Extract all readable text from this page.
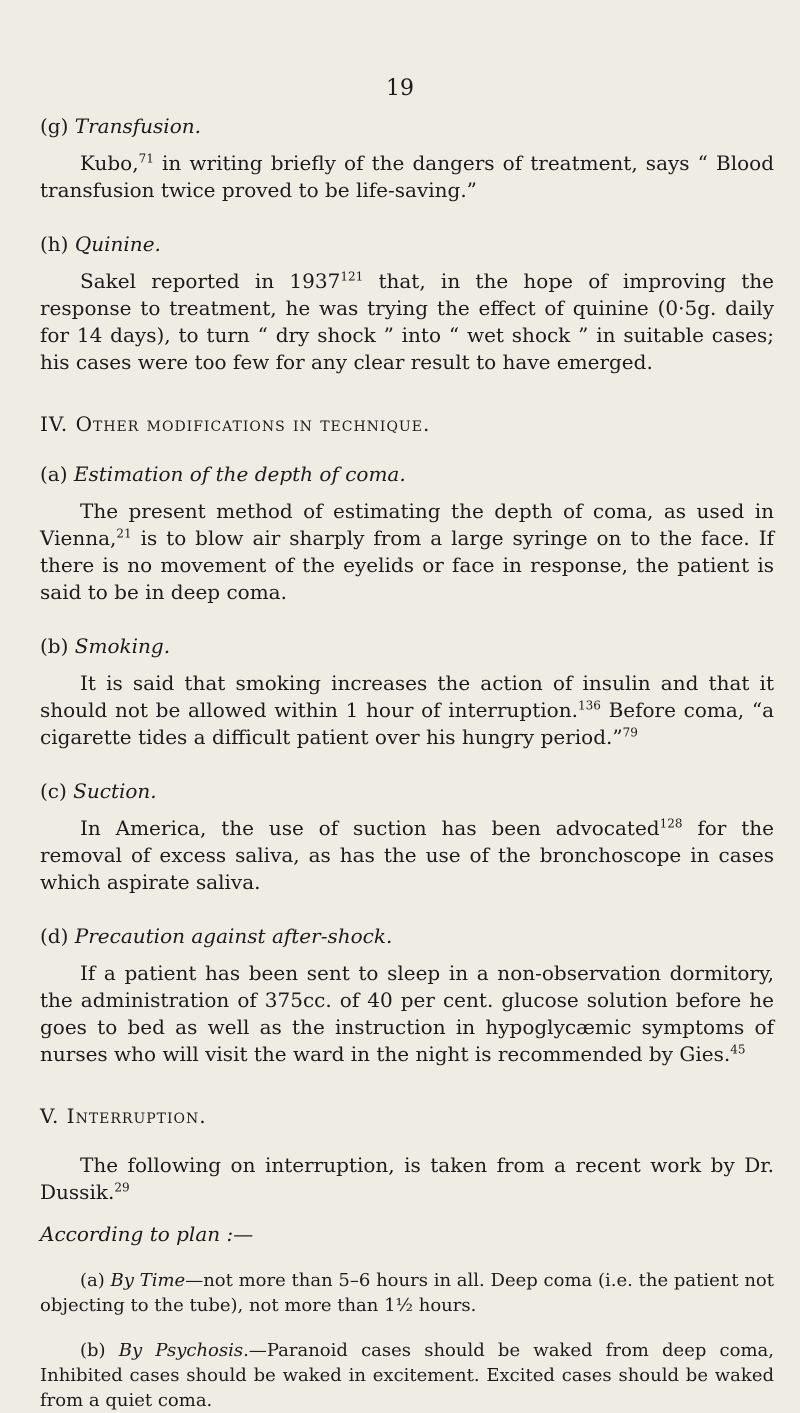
19

(g) Transfusion.

Kubo,$^{71}$ in writing briefly of the dangers of treatment, says “ Blood transfusion twice proved to be life-saving.”

(h) Quinine.

Sakel reported in 1937$^{121}$ that, in the hope of improving the response to treatment, he was trying the effect of quinine (0·5g. daily for 14 days), to turn “ dry shock ” into “ wet shock ” in suitable cases; his cases were too few for any clear result to have emerged.

IV. Other modifications in technique.

(a) Estimation of the depth of coma.

The present method of estimating the depth of coma, as used in Vienna,$^{21}$ is to blow air sharply from a large syringe on to the face. If there is no movement of the eyelids or face in response, the patient is said to be in deep coma.

(b) Smoking.

It is said that smoking increases the action of insulin and that it should not be allowed within 1 hour of interruption.$^{136}$ Before coma, “a cigarette tides a difficult patient over his hungry period.”$^{79}$

(c) Suction.

In America, the use of suction has been advocated$^{128}$ for the removal of excess saliva, as has the use of the bronchoscope in cases which aspirate saliva.

(d) Precaution against after-shock.

If a patient has been sent to sleep in a non-observation dormitory, the administration of 375cc. of 40 per cent. glucose solution before he goes to bed as well as the instruction in hypoglycæmic symptoms of nurses who will visit the ward in the night is recommended by Gies.$^{45}$

V. Interruption.

The following on interruption, is taken from a recent work by Dr. Dussik.$^{29}$

According to plan :—

(a) By Time—not more than 5–6 hours in all. Deep coma (i.e. the patient not objecting to the tube), not more than 1½ hours.

(b) By Psychosis.—Paranoid cases should be waked from deep coma, Inhibited cases should be waked in excitement. Excited cases should be waked from a quiet coma.
